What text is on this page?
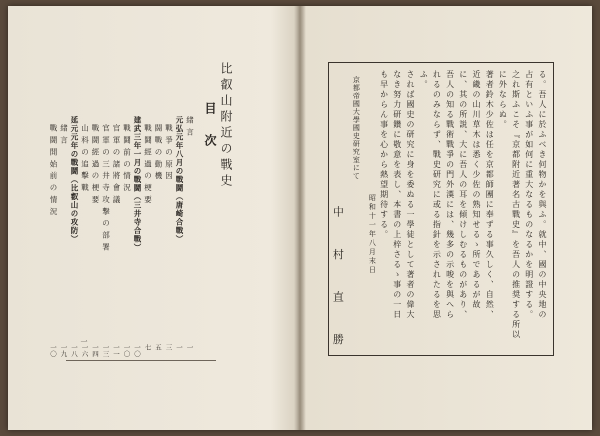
比叡山附近の戰史
目 次
緒 言
一
元弘元年八月の戰鬪（唐崎合戰）
一
戰 爭 の 原 因
三
闘 戰 の 動 機
五
戰 鬪 經 過 の 梗 要
七
建武三年一月の戰鬪（三井寺合戰）
一〇
戰 鬪 前 の 情 況
一〇
官 軍 の 諸 將 會 議
一一
官 軍 の 三 井 寺 攻 撃 の 部 署
一三
戰 鬪 經 過 の 梗 要
一四
山 科 の 追 擊 戰
一六
延元元年の戰鬪（比叡山の攻防）
一八
緒 言
一九
戰 鬪 開 始 前 の 情 況
一〇
一
る。吾人に於ふべき何物かを與ふ。就中、國の中央地の
占有といふ事が如何に重大なるものなるかを明證する。
之れ斯ふこそ『京都附近著名古戰史』を吾人の推奨する所以
に外ならぬ。
著者鈴木少佐は任を京都師團に奉ずる事久しく、自然、
近畿の山川草木は悉く少佐の熟知せるゝ所であるが故
に、其の所説、大に吾人の耳を傾けしむるものがあり、
吾人の知る戰術戰爭の門外漢には、幾多の示唆を與へら
れるのみならず、戰史研究に或る指針を示されたるを思
ふ。
されば國史の研究に身を委ぬる一學徒として著者の偉大
なき努力研鑽に敬意を表し、本書の上梓さるゝ事の一日
も早からん事を心から熱望期待する。
昭和十一年八月末日
京都帝國大學國史研究室にて
中 村 直 勝
